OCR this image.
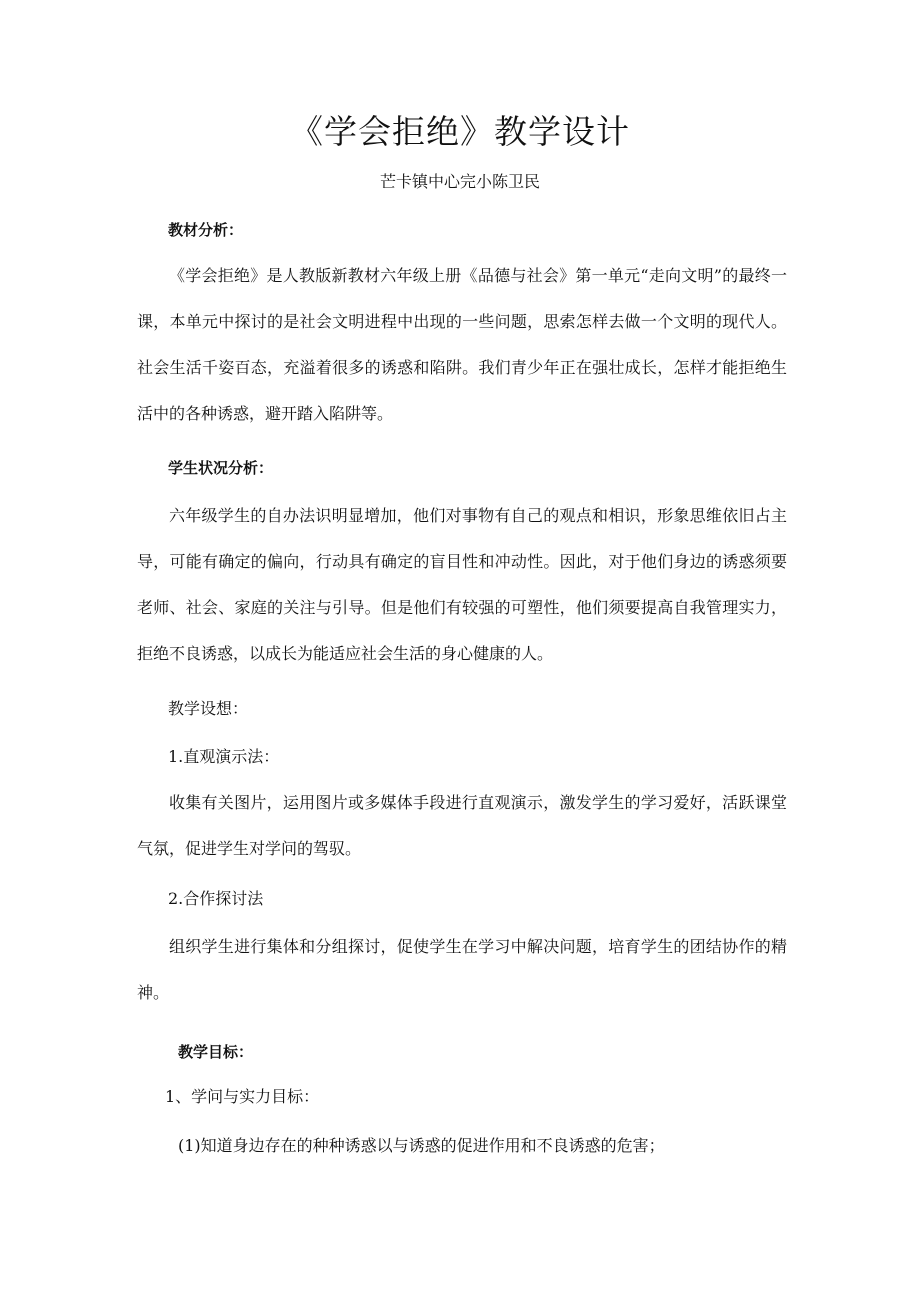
《学会拒绝》教学设计
芒卡镇中心完小陈卫民
教材分析：

《学会拒绝》是人教版新教材六年级上册《品德与社会》第一单元“走向文明”的最终一课，本单元中探讨的是社会文明进程中出现的一些问题，思索怎样去做一个文明的现代人。社会生活千姿百态，充溢着很多的诱惑和陷阱。我们青少年正在强壮成长，怎样才能拒绝生活中的各种诱惑，避开踏入陷阱等。

学生状况分析：

六年级学生的自办法识明显增加，他们对事物有自己的观点和相识，形象思维依旧占主导，可能有确定的偏向，行动具有确定的盲目性和冲动性。因此，对于他们身边的诱惑须要老师、社会、家庭的关注与引导。但是他们有较强的可塑性，他们须要提高自我管理实力，拒绝不良诱惑，以成长为能适应社会生活的身心健康的人。

教学设想：
1.直观演示法：

收集有关图片，运用图片或多媒体手段进行直观演示，激发学生的学习爱好，活跃课堂气氛，促进学生对学问的驾驭。

2.合作探讨法

组织学生进行集体和分组探讨，促使学生在学习中解决问题，培育学生的团结协作的精神。

教学目标：
1、学问与实力目标：
(1)知道身边存在的种种诱惑以与诱惑的促进作用和不良诱惑的危害；
